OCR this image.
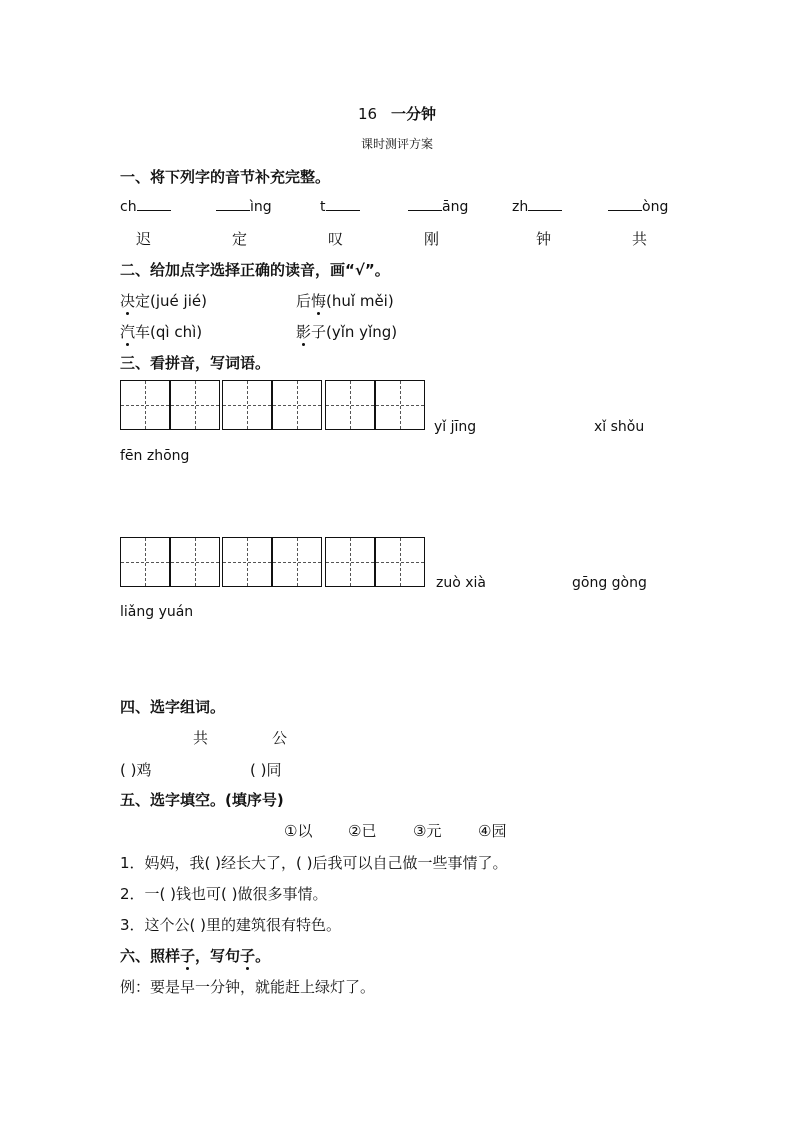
16 一分钟
课时测评方案
一、将下列字的音节补充完整。
ch	ìng	t	āng	zh	òng
迟	定	叹	刚	钟	共
二、给加点字选择正确的读音，画“√”。
决定(jué jié)	后悔(huǐ měi)
汽车(qì chì)	影子(yǐn yǐng)
三、看拼音，写词语。
yǐ jīng	xǐ shǒu
fēn zhōng
zuò xià	gōng gòng
liǎng yuán
四、选字组词。
共	公
( )鸡	( )同
五、选字填空。(填序号)
①以 ②已 ③元 ④园
1．妈妈，我( )经长大了，( )后我可以自己做一些事情了。
2．一( )钱也可( )做很多事情。
3．这个公( )里的建筑很有特色。
六、照样子，写句子。
例：要是早一分钟，就能赶上绿灯了。
